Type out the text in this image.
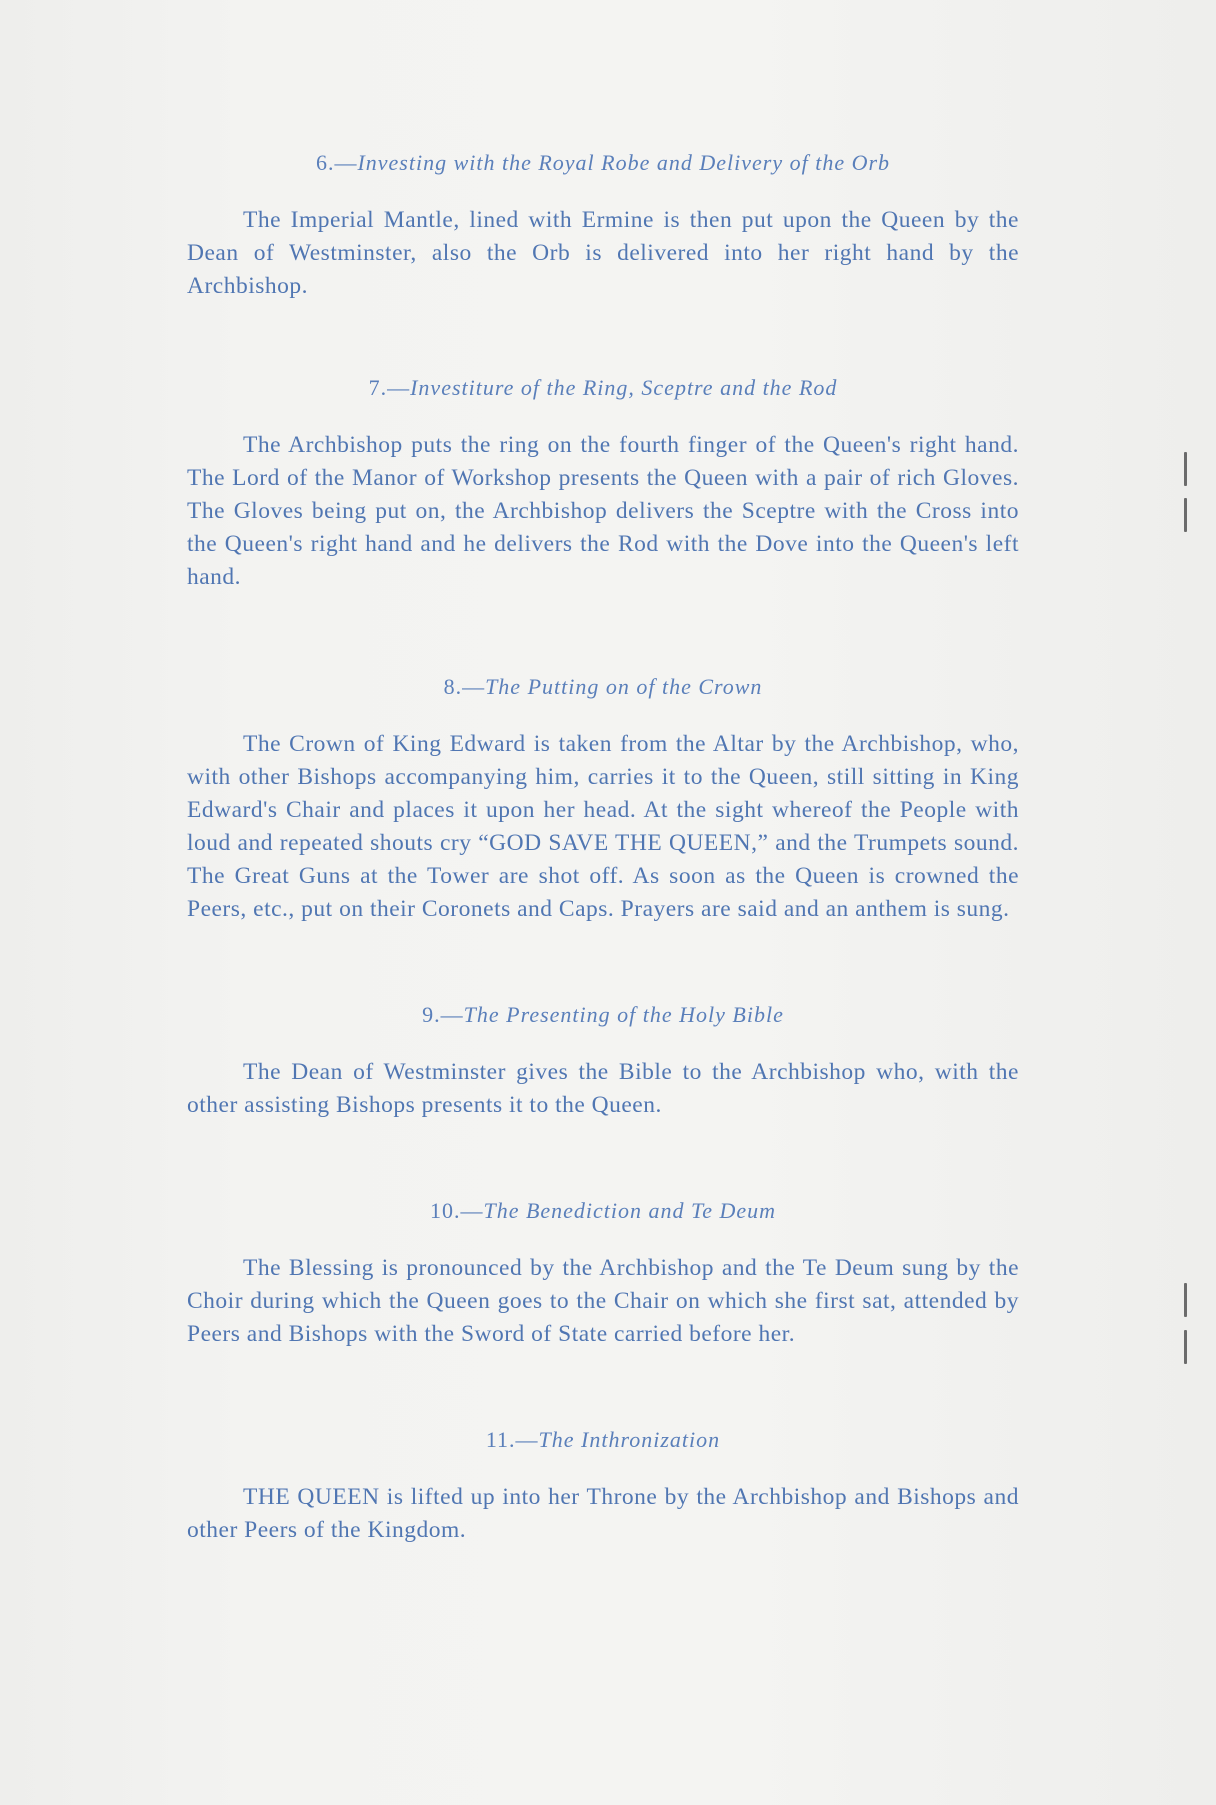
6.—Investing with the Royal Robe and Delivery of the Orb

The Imperial Mantle, lined with Ermine is then put upon the Queen by the Dean of Westminster, also the Orb is delivered into her right hand by the Archbishop.

7.—Investiture of the Ring, Sceptre and the Rod

The Archbishop puts the ring on the fourth finger of the Queen's right hand. The Lord of the Manor of Workshop presents the Queen with a pair of rich Gloves. The Gloves being put on, the Archbishop delivers the Sceptre with the Cross into the Queen's right hand and he delivers the Rod with the Dove into the Queen's left hand.

8.—The Putting on of the Crown

The Crown of King Edward is taken from the Altar by the Archbishop, who, with other Bishops accompanying him, carries it to the Queen, still sitting in King Edward's Chair and places it upon her head. At the sight whereof the People with loud and repeated shouts cry “GOD SAVE THE QUEEN,” and the Trumpets sound. The Great Guns at the Tower are shot off. As soon as the Queen is crowned the Peers, etc., put on their Coronets and Caps. Prayers are said and an anthem is sung.

9.—The Presenting of the Holy Bible

The Dean of Westminster gives the Bible to the Archbishop who, with the other assisting Bishops presents it to the Queen.

10.—The Benediction and Te Deum

The Blessing is pronounced by the Archbishop and the Te Deum sung by the Choir during which the Queen goes to the Chair on which she first sat, attended by Peers and Bishops with the Sword of State carried before her.

11.—The Inthronization

THE QUEEN is lifted up into her Throne by the Archbishop and Bishops and other Peers of the Kingdom.
